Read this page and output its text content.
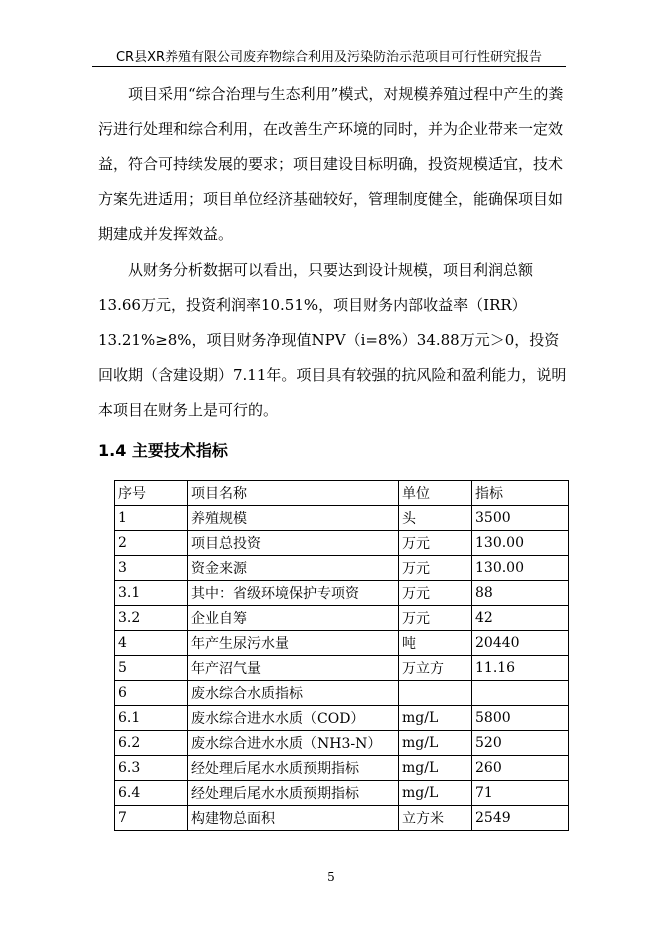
CR县XR养殖有限公司废弃物综合利用及污染防治示范项目可行性研究报告

项目采用“综合治理与生态利用”模式，对规模养殖过程中产生的粪污进行处理和综合利用，在改善生产环境的同时，并为企业带来一定效益，符合可持续发展的要求；项目建设目标明确，投资规模适宜，技术方案先进适用；项目单位经济基础较好，管理制度健全，能确保项目如期建成并发挥效益。

从财务分析数据可以看出，只要达到设计规模，项目利润总额13.66万元，投资利润率10.51%，项目财务内部收益率（IRR）13.21%≥8%，项目财务净现值NPV（i=8%）34.88万元＞0，投资回收期（含建设期）7.11年。项目具有较强的抗风险和盈利能力，说明本项目在财务上是可行的。

1.4 主要技术指标
序号	项目名称	单位	指标
1	养殖规模	头	3500
2	项目总投资	万元	130.00
3	资金来源	万元	130.00
3.1	其中：省级环境保护专项资	万元	88
3.2	企业自筹	万元	42
4	年产生尿污水量	吨	20440
5	年产沼气量	万立方	11.16
6	废水综合水质指标		
6.1	废水综合进水水质（COD）	mg/L	5800
6.2	废水综合进水水质（NH3-N）	mg/L	520
6.3	经处理后尾水水质预期指标	mg/L	260
6.4	经处理后尾水水质预期指标	mg/L	71
7	构建物总面积	立方米	2549
5
